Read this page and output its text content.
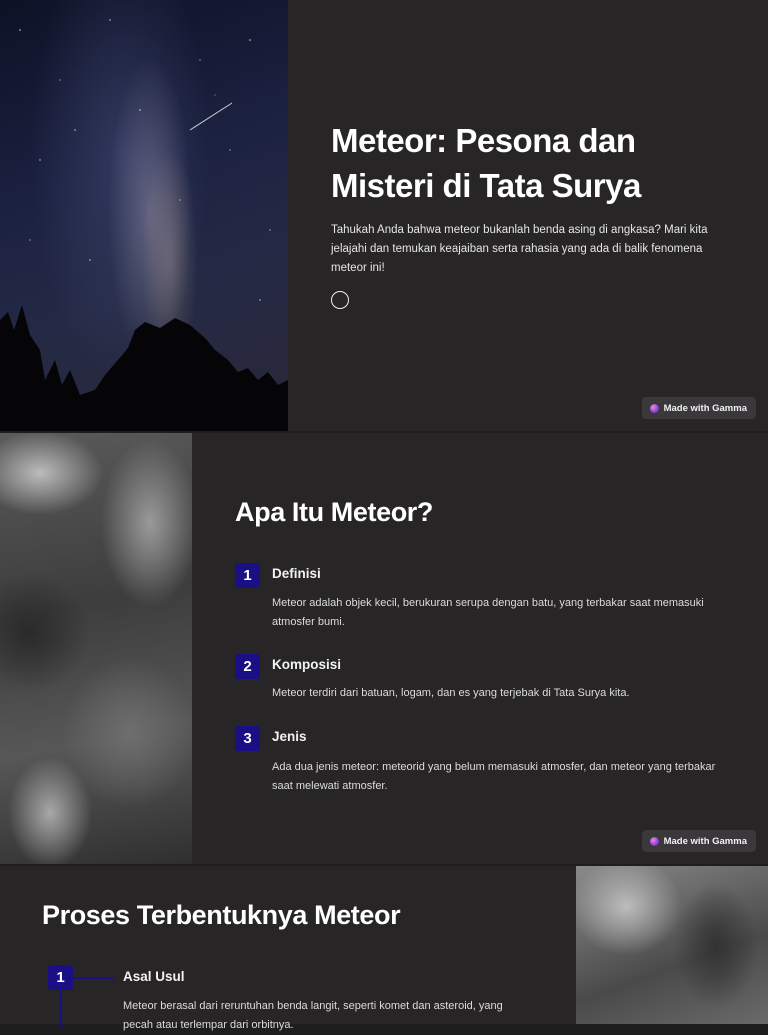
Meteor: Pesona dan Misteri di Tata Surya
Tahukah Anda bahwa meteor bukanlah benda asing di angkasa? Mari kita jelajahi dan temukan keajaiban serta rahasia yang ada di balik fenomena meteor ini!
Made with Gamma
Made with Gamma
Apa Itu Meteor?
1	Definisi
Meteor adalah objek kecil, berukuran serupa dengan batu, yang terbakar saat memasuki atmosfer bumi.
2	Komposisi
Meteor terdiri dari batuan, logam, dan es yang terjebak di Tata Surya kita.
3	Jenis
Ada dua jenis meteor: meteorid yang belum memasuki atmosfer, dan meteor yang terbakar saat melewati atmosfer.
Proses Terbentuknya Meteor
1	Asal Usul
Meteor berasal dari reruntuhan benda langit, seperti komet dan asteroid, yang pecah atau terlempar dari orbitnya.
